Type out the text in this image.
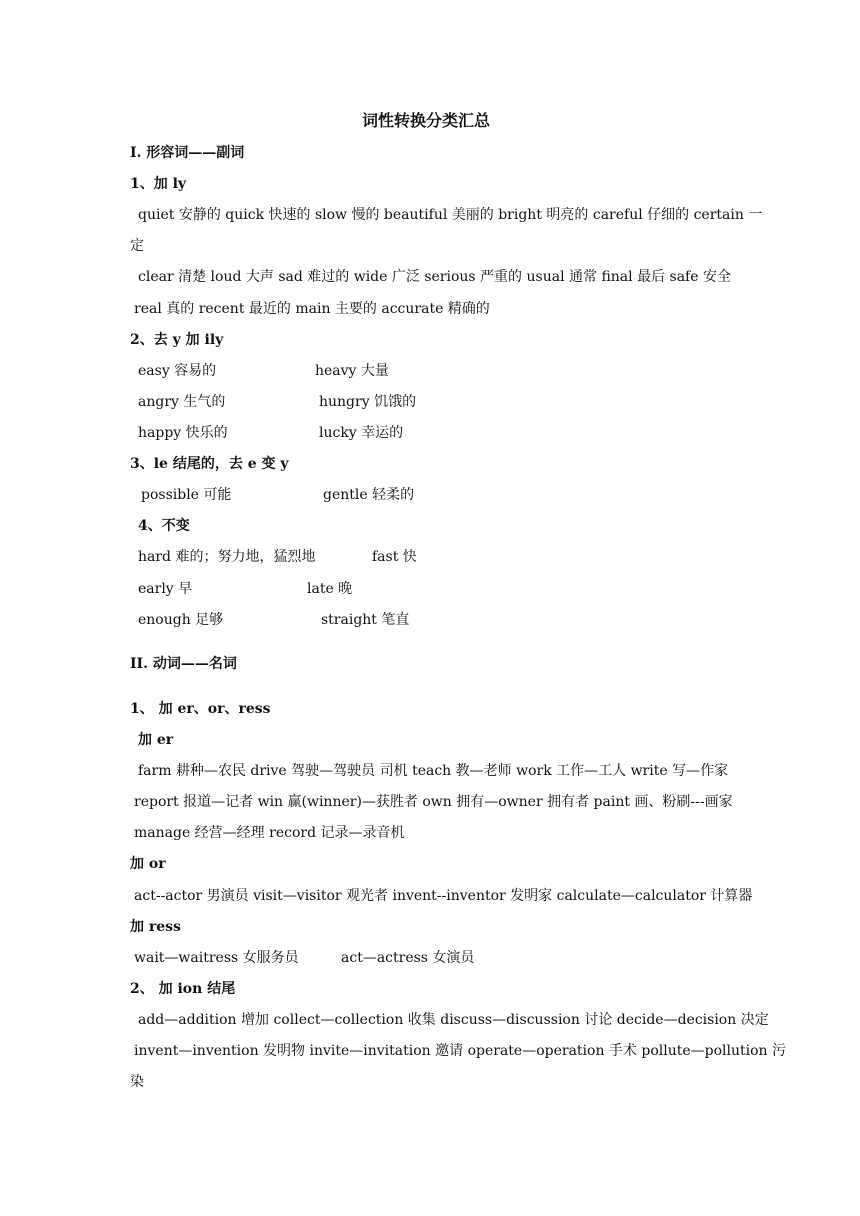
词性转换分类汇总
I. 形容词——副词
1、加 ly
quiet 安静的 quick 快速的 slow 慢的 beautiful 美丽的 bright 明亮的 careful 仔细的 certain 一
定
clear 清楚 loud 大声 sad 难过的 wide 广泛 serious 严重的 usual 通常 final 最后 safe 安全
real 真的 recent 最近的 main 主要的 accurate 精确的
2、去 y 加 ily
easy 容易的	heavy 大量
angry 生气的	hungry 饥饿的
happy 快乐的	lucky 幸运的
3、le 结尾的，去 e 变 y
possible 可能	gentle 轻柔的
4、不变
hard 难的；努力地，猛烈地	fast 快
early 早	late 晚
enough 足够	straight 笔直
II. 动词——名词
1、 加 er、or、ress
加 er
farm 耕种—农民 drive 驾驶—驾驶员 司机 teach 教—老师 work 工作—工人 write 写—作家
report 报道—记者 win 赢(winner)—获胜者 own 拥有—owner 拥有者 paint 画、粉刷---画家
manage 经营—经理 record 记录—录音机
加 or
act--actor 男演员 visit—visitor 观光者 invent--inventor 发明家 calculate—calculator 计算器
加 ress
wait—waitress 女服务员	act—actress 女演员
2、 加 ion 结尾
add—addition 增加 collect—collection 收集 discuss—discussion 讨论 decide—decision 决定
invent—invention 发明物 invite—invitation 邀请 operate—operation 手术 pollute—pollution 污
染
